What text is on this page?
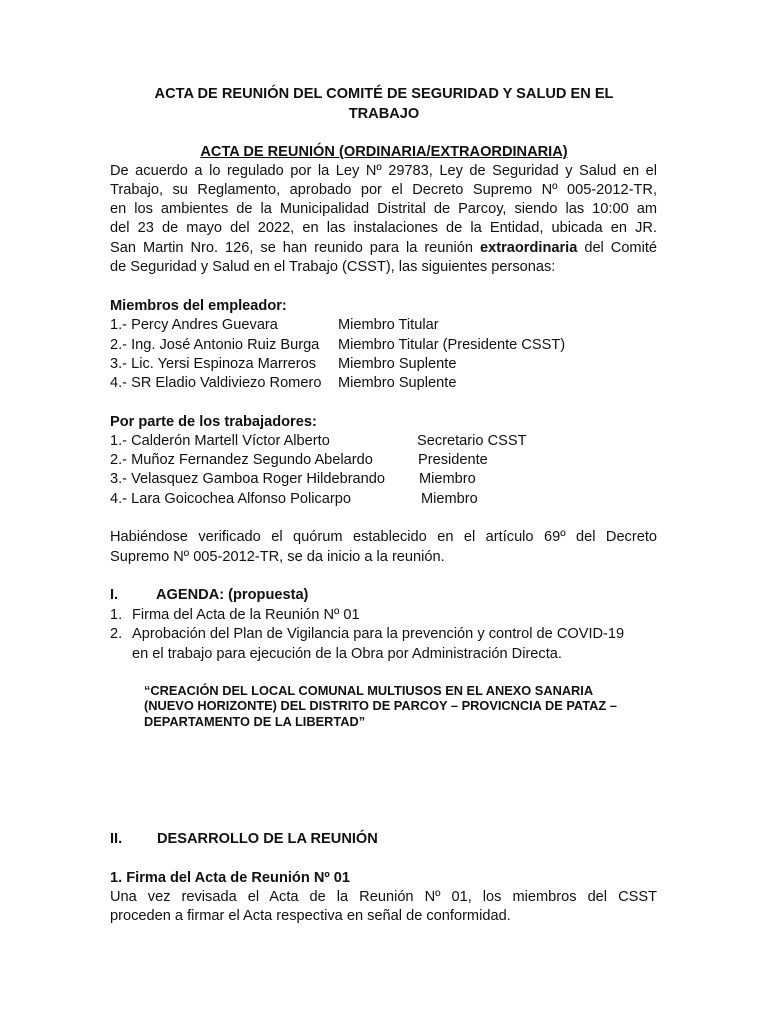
ACTA DE REUNIÓN DEL COMITÉ DE SEGURIDAD Y SALUD EN EL
TRABAJO
ACTA DE REUNIÓN (ORDINARIA/EXTRAORDINARIA)
De acuerdo a lo regulado por la Ley Nº 29783, Ley de Seguridad y Salud en el
Trabajo, su Reglamento, aprobado por el Decreto Supremo Nº 005-2012-TR,
en los ambientes de la Municipalidad Distrital de Parcoy, siendo las 10:00 am
del 23 de mayo del 2022, en las instalaciones de la Entidad, ubicada en JR.
San Martin Nro. 126, se han reunido para la reunión extraordinaria del Comité
de Seguridad y Salud en el Trabajo (CSST), las siguientes personas:
Miembros del empleador:
1.- Percy Andres Guevara	Miembro Titular
2.- Ing. José Antonio Ruiz Burga Miembro Titular (Presidente CSST)
3.- Lic. Yersi Espinoza Marreros Miembro Suplente
4.- SR Eladio Valdiviezo Romero Miembro Suplente
Por parte de los trabajadores:
1.- Calderón Martell Víctor Alberto	Secretario CSST
2.- Muñoz Fernandez Segundo Abelardo	Presidente
3.- Velasquez Gamboa Roger Hildebrando Miembro
4.- Lara Goicochea Alfonso Policarpo	Miembro
Habiéndose verificado el quórum establecido en el artículo 69º del Decreto
Supremo Nº 005-2012-TR, se da inicio a la reunión.
I.	AGENDA: (propuesta)
1. Firma del Acta de la Reunión Nº 01
2. Aprobación del Plan de Vigilancia para la prevención y control de COVID-19
en el trabajo para ejecución de la Obra por Administración Directa.
“CREACIÓN DEL LOCAL COMUNAL MULTIUSOS EN EL ANEXO SANARIA
(NUEVO HORIZONTE) DEL DISTRITO DE PARCOY – PROVICNCIA DE PATAZ –
DEPARTAMENTO DE LA LIBERTAD”
II. DESARROLLO DE LA REUNIÓN
1. Firma del Acta de Reunión Nº 01
Una vez revisada el Acta de la Reunión Nº 01, los miembros del CSST
proceden a firmar el Acta respectiva en señal de conformidad.
